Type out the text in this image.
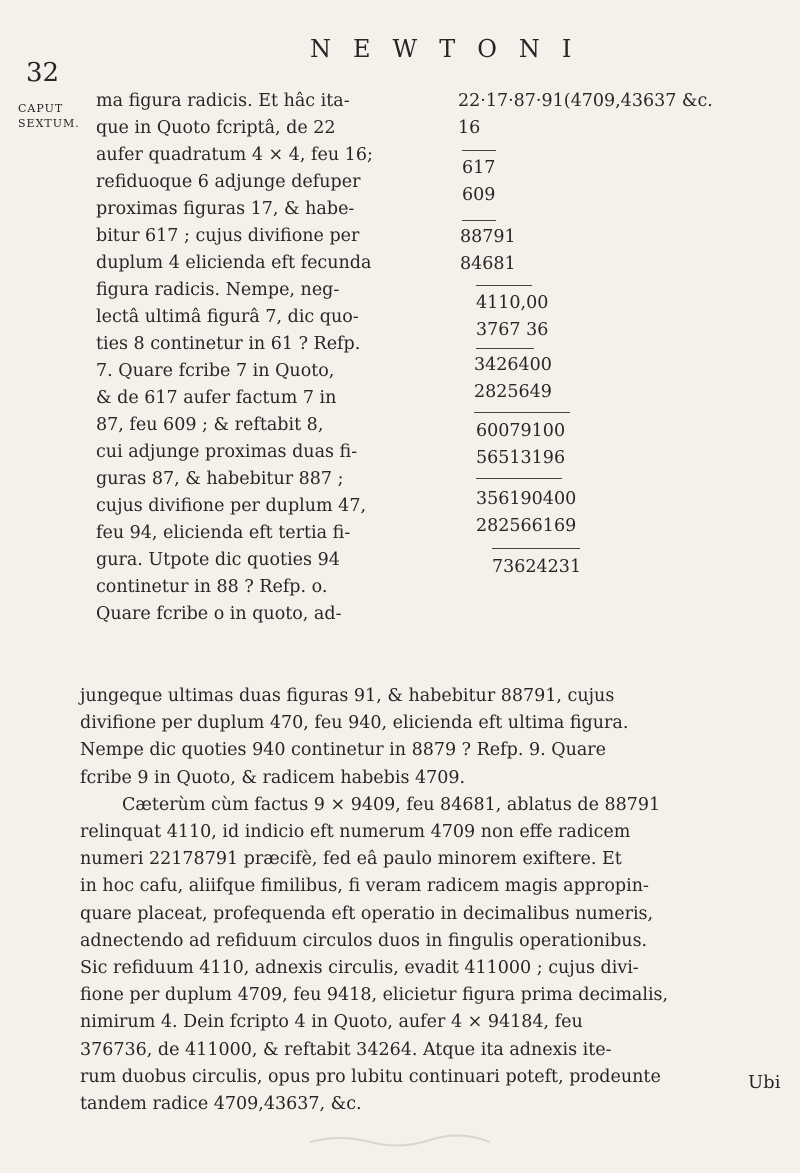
32
NEWTONI
CAPUT
SEXTUM.
ma figura radicis. Et hâc ita-
que in Quoto fcriptâ, de 22
aufer quadratum 4 × 4, feu 16;
refiduoque 6 adjunge defuper
proximas figuras 17, & habe-
bitur 617 ; cujus divifione per
duplum 4 elicienda eft fecunda
figura radicis. Nempe, neg-
lectâ ultimâ figurâ 7, dic quo-
ties 8 continetur in 61 ? Refp.
7. Quare fcribe 7 in Quoto,
& de 617 aufer factum 7 in
87, feu 609 ; & reftabit 8,
cui adjunge proximas duas fi-
guras 87, & habebitur 887 ;
cujus divifione per duplum 47,
feu 94, elicienda eft tertia fi-
gura. Utpote dic quoties 94
continetur in 88 ? Refp. o.
Quare fcribe o in quoto, ad-
22·17·87·91(4709,43637 &c.
16
617
609
88791
84681
4110,00
3767 36
3426400
2825649
60079100
56513196
356190400
282566169
73624231
jungeque ultimas duas figuras 91, & habebitur 88791, cujus
divifione per duplum 470, feu 940, elicienda eft ultima figura.
Nempe dic quoties 940 continetur in 8879 ? Refp. 9. Quare
fcribe 9 in Quoto, & radicem habebis 4709.
Cæterùm cùm factus 9 × 9409, feu 84681, ablatus de 88791
relinquat 4110, id indicio eft numerum 4709 non effe radicem
numeri 22178791 præcifè, fed eâ paulo minorem exiftere. Et
in hoc cafu, aliifque fimilibus, fi veram radicem magis appropin-
quare placeat, profequenda eft operatio in decimalibus numeris,
adnectendo ad refiduum circulos duos in fingulis operationibus.
Sic refiduum 4110, adnexis circulis, evadit 411000 ; cujus divi-
fione per duplum 4709, feu 9418, elicietur figura prima decimalis,
nimirum 4. Dein fcripto 4 in Quoto, aufer 4 × 94184, feu
376736, de 411000, & reftabit 34264. Atque ita adnexis ite-
rum duobus circulis, opus pro lubitu continuari poteft, prodeunte
tandem radice 4709,43637, &c.
Ubi
